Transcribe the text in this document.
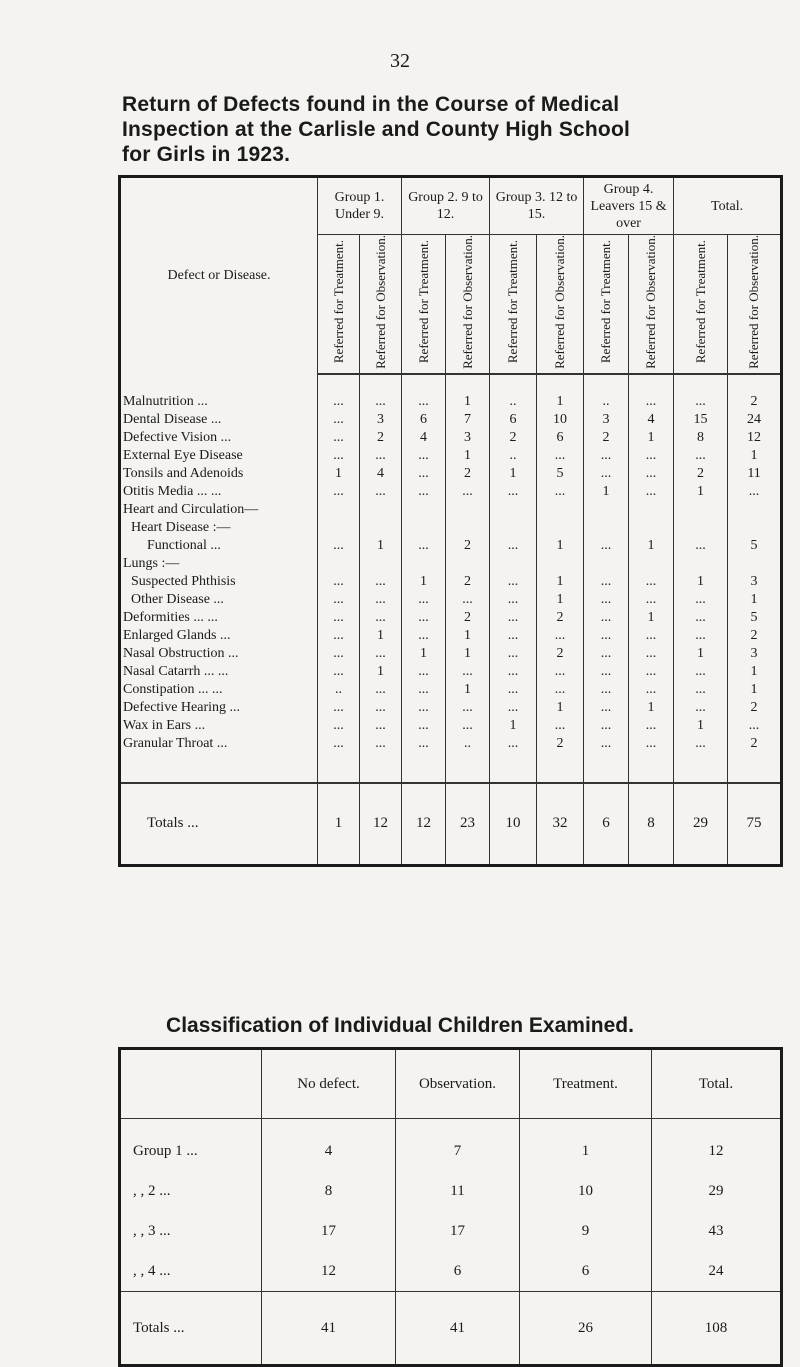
32
Return of Defects found in the Course of Medical
Inspection at the Carlisle and County High School
for Girls in 1923.
Defect or Disease.	Group 1. Under 9.		Group 2. 9 to 12.		Group 3. 12 to 15.		Group 4. Leavers 15 & over		Total.	
	Referred for Treatment.	Referred for Observation.	Referred for Treatment.	Referred for Observation.	Referred for Treatment.	Referred for Observation.	Referred for Treatment.	Referred for Observation.	Referred for Treatment.	Referred for Observation.

Malnutrition ...	...	...	...	1	..	1	..	...	...	2
Dental Disease ...	...	3	6	7	6	10	3	4	15	24
Defective Vision ...	...	2	4	3	2	6	2	1	8	12
External Eye Disease	...	...	...	1	..	...	...	...	...	1
Tonsils and Adenoids	1	4	...	2	1	5	...	...	2	11
Otitis Media ... ...	...	...	...	...	...	...	1	...	1	...
Heart and Circulation—										
Heart Disease :—										
Functional ...	...	1	...	2	...	1	...	1	...	5
Lungs :—										
Suspected Phthisis	...	...	1	2	...	1	...	...	1	3
Other Disease ...	...	...	...	...	...	1	...	...	...	1
Deformities ... ...	...	...	...	2	...	2	...	1	...	5
Enlarged Glands ...	...	1	...	1	...	...	...	...	...	2
Nasal Obstruction ...	...	...	1	1	...	2	...	...	1	3
Nasal Catarrh ... ...	...	1	...	...	...	...	...	...	...	1
Constipation ... ...	..	...	...	1	...	...	...	...	...	1
Defective Hearing ...	...	...	...	...	...	1	...	1	...	2
Wax in Ears ...	...	...	...	...	1	...	...	...	1	...
Granular Throat ...	...	...	...	..	...	2	...	...	...	2

Totals ...	1	12	12	23	10	32	6	8	29	75
Classification of Individual Children Examined.
	No defect.	Observation.	Treatment.	Total.

Group 1 ...	4	7	1	12
, , 2 ...	8	11	10	29
, , 3 ...	17	17	9	43
, , 4 ...	12	6	6	24
Totals ...	41	41	26	108
